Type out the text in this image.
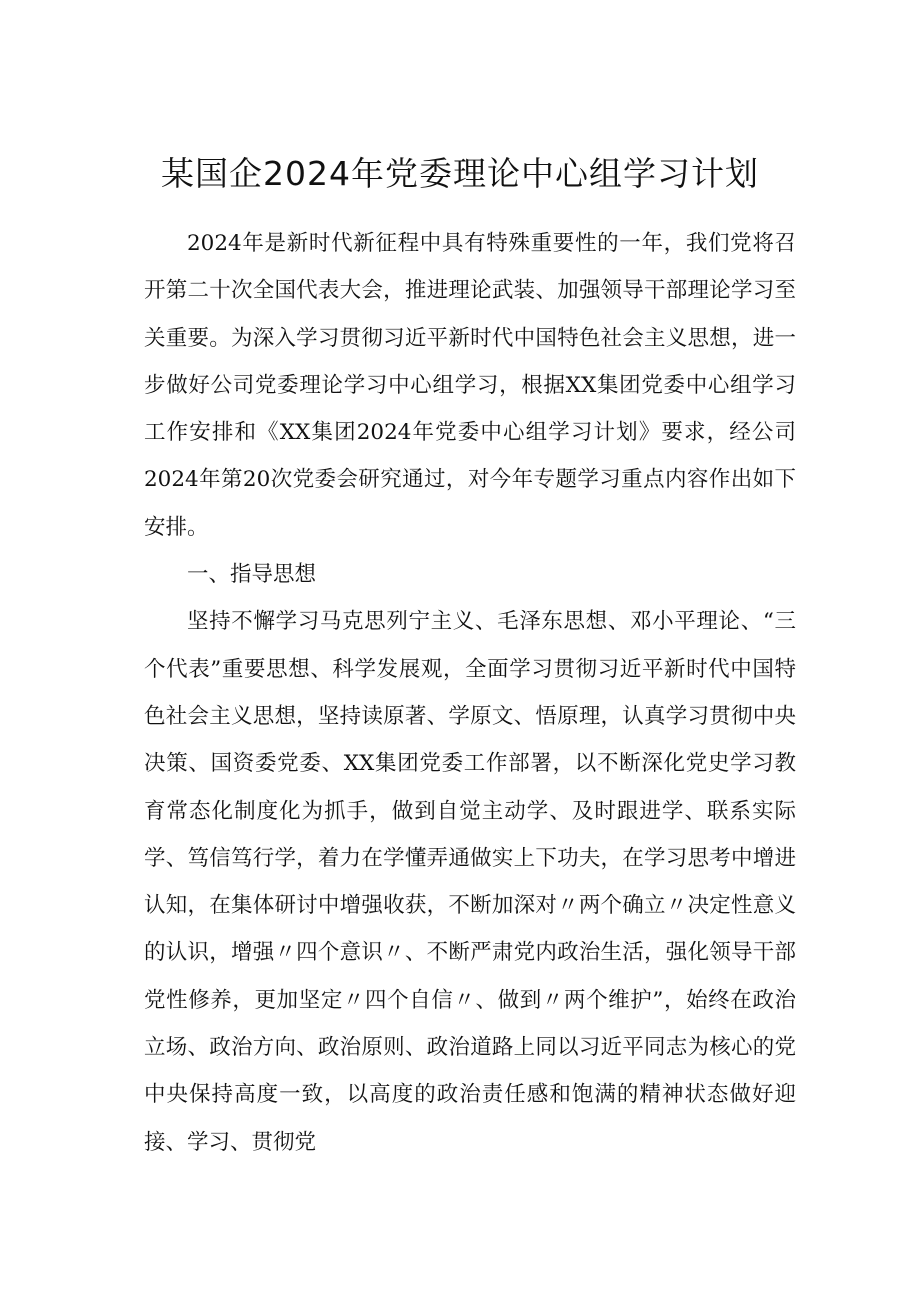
某国企2024年党委理论中心组学习计划

2024年是新时代新征程中具有特殊重要性的一年，我们党将召开第二十次全国代表大会，推进理论武装、加强领导干部理论学习至关重要。为深入学习贯彻习近平新时代中国特色社会主义思想，进一步做好公司党委理论学习中心组学习，根据XX集团党委中心组学习工作安排和《XX集团2024年党委中心组学习计划》要求，经公司2024年第20次党委会研究通过，对今年专题学习重点内容作出如下安排。

一、指导思想

坚持不懈学习马克思列宁主义、毛泽东思想、邓小平理论、“三个代表”重要思想、科学发展观，全面学习贯彻习近平新时代中国特色社会主义思想，坚持读原著、学原文、悟原理，认真学习贯彻中央决策、国资委党委、XX集团党委工作部署，以不断深化党史学习教育常态化制度化为抓手，做到自觉主动学、及时跟进学、联系实际学、笃信笃行学，着力在学懂弄通做实上下功夫，在学习思考中增进认知，在集体研讨中增强收获，不断加深对〃两个确立〃决定性意义的认识，增强〃四个意识〃、不断严肃党内政治生活，强化领导干部党性修养，更加坚定〃四个自信〃、做到〃两个维护”，始终在政治立场、政治方向、政治原则、政治道路上同以习近平同志为核心的党中央保持高度一致，以高度的政治责任感和饱满的精神状态做好迎接、学习、贯彻党
